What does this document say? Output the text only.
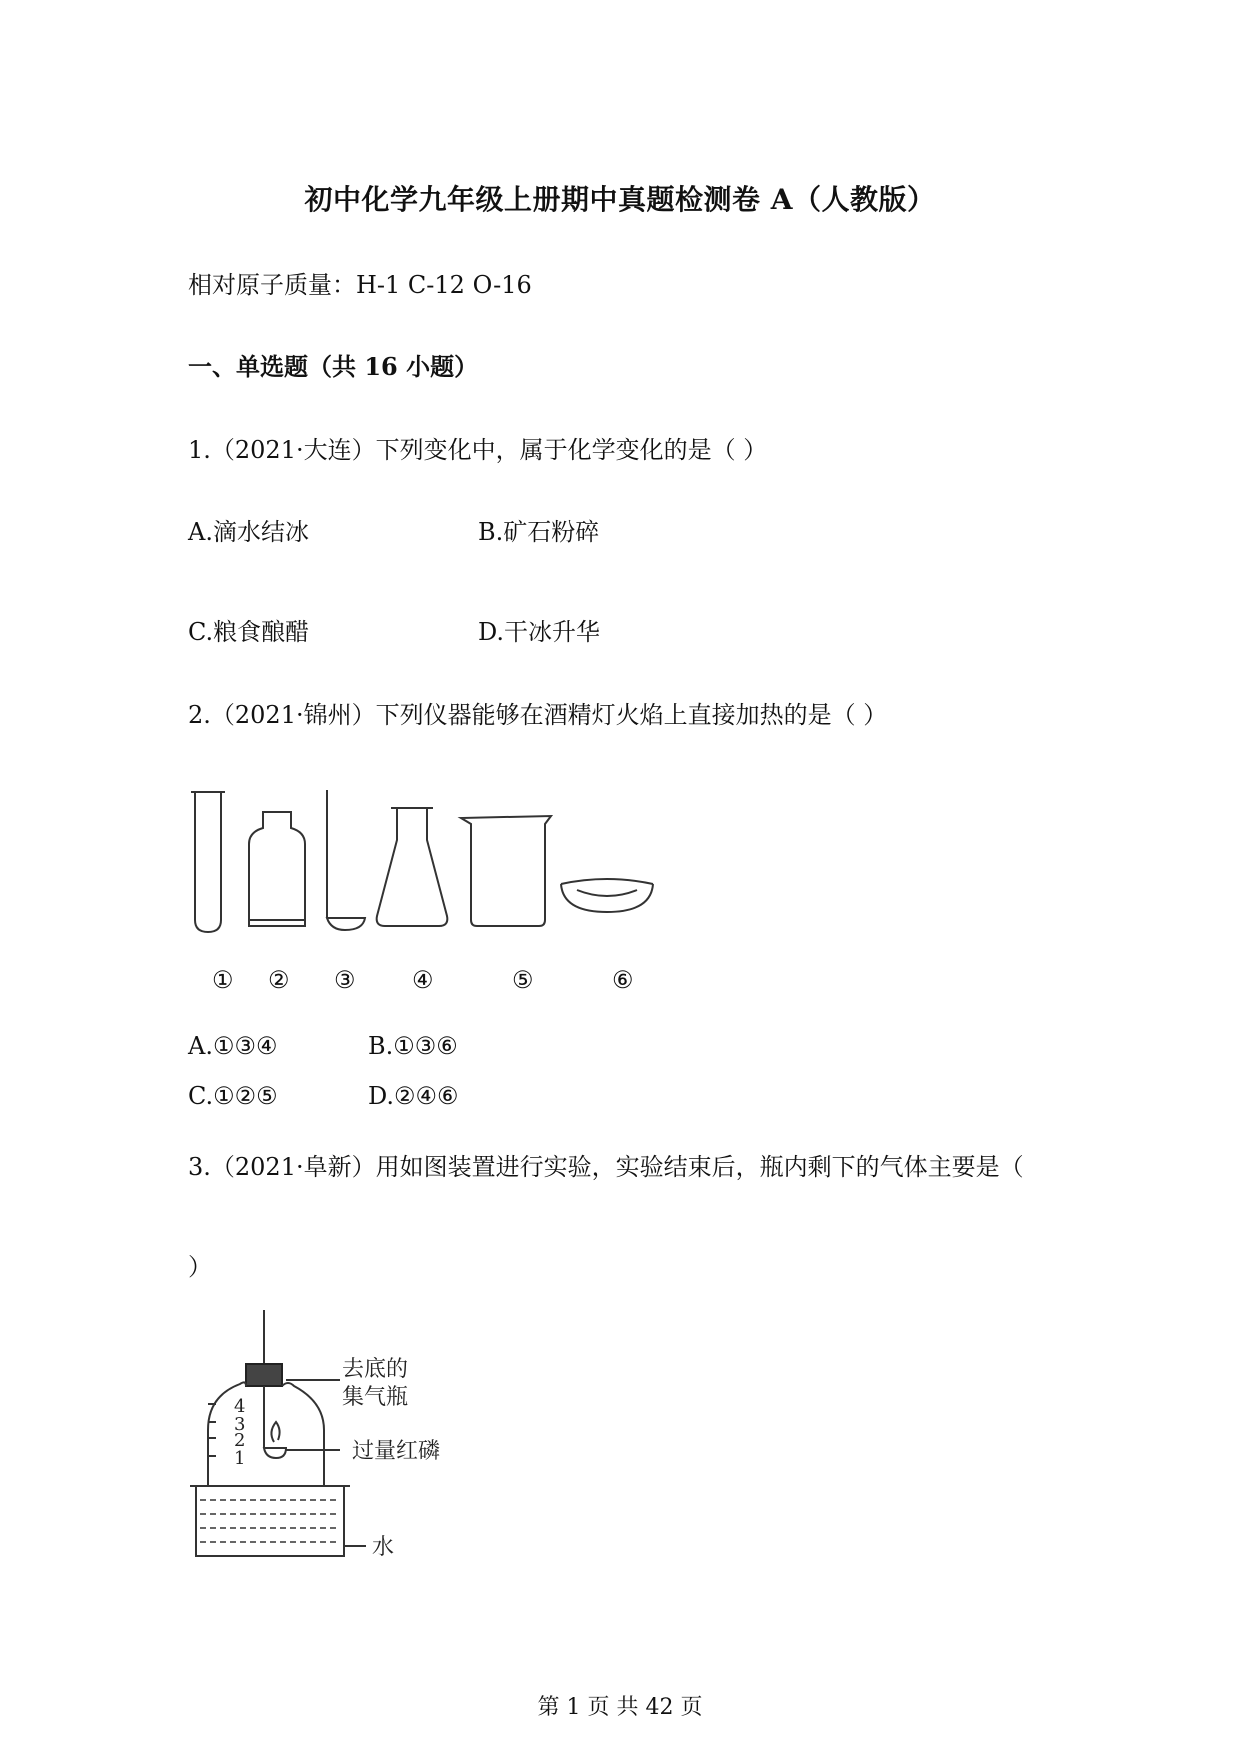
初中化学九年级上册期中真题检测卷 A（人教版）
相对原子质量：H-1 C-12 O-16
一、单选题（共 16 小题）
1.（2021·大连）下列变化中，属于化学变化的是（ ）
A.滴水结冰	B.矿石粉碎
C.粮食酿醋	D.干冰升华
2.（2021·锦州）下列仪器能够在酒精灯火焰上直接加热的是（ ）
① ② ③ ④	⑤	⑥
A.①③④	B.①③⑥
C.①②⑤	D.②④⑥
3.（2021·阜新）用如图装置进行实验，实验结束后，瓶内剩下的气体主要是（
）
4
3
2
1
去底的
集气瓶
过量红磷
水
第 1 页 共 42 页
